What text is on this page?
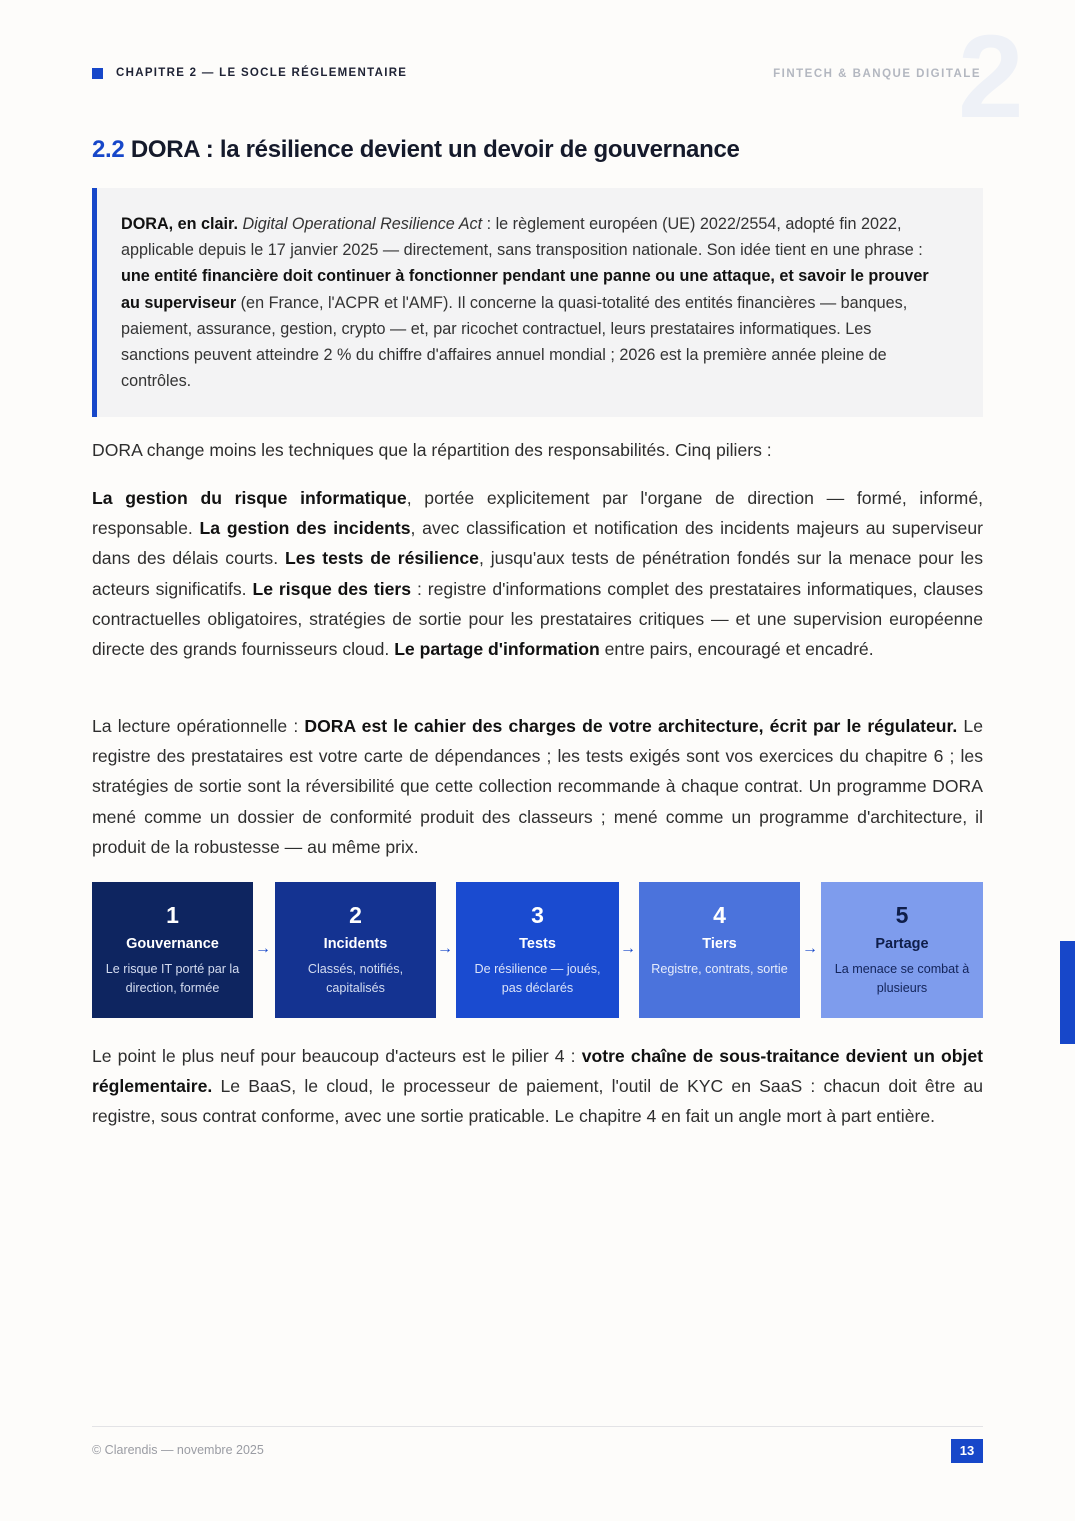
CHAPITRE 2 — LE SOCLE RÉGLEMENTAIRE	2
FINTECH & BANQUE DIGITALE
2.2 DORA : la résilience devient un devoir de gouvernance
DORA, en clair. Digital Operational Resilience Act : le règlement européen (UE) 2022/2554, adopté fin 2022, applicable depuis le 17 janvier 2025 — directement, sans transposition nationale. Son idée tient en une phrase : une entité financière doit continuer à fonctionner pendant une panne ou une attaque, et savoir le prouver au superviseur (en France, l'ACPR et l'AMF). Il concerne la quasi-totalité des entités financières — banques, paiement, assurance, gestion, crypto — et, par ricochet contractuel, leurs prestataires informatiques. Les sanctions peuvent atteindre 2 % du chiffre d'affaires annuel mondial ; 2026 est la première année pleine de contrôles.

DORA change moins les techniques que la répartition des responsabilités. Cinq piliers :

La gestion du risque informatique, portée explicitement par l'organe de direction — formé, informé, responsable. La gestion des incidents, avec classification et notification des incidents majeurs au superviseur dans des délais courts. Les tests de résilience, jusqu'aux tests de pénétration fondés sur la menace pour les acteurs significatifs. Le risque des tiers : registre d'informations complet des prestataires informatiques, clauses contractuelles obligatoires, stratégies de sortie pour les prestataires critiques — et une supervision européenne directe des grands fournisseurs cloud. Le partage d'information entre pairs, encouragé et encadré.

La lecture opérationnelle : DORA est le cahier des charges de votre architecture, écrit par le régulateur. Le registre des prestataires est votre carte de dépendances ; les tests exigés sont vos exercices du chapitre 6 ; les stratégies de sortie sont la réversibilité que cette collection recommande à chaque contrat. Un programme DORA mené comme un dossier de conformité produit des classeurs ; mené comme un programme d'architecture, il produit de la robustesse — au même prix.

1
Gouvernance
Le risque IT porté par la direction, formée
→
2
Incidents
Classés, notifiés, capitalisés
→
3
Tests
De résilience — joués, pas déclarés
→
4
Tiers
Registre, contrats, sortie
→
5
Partage
La menace se combat à plusieurs

Le point le plus neuf pour beaucoup d'acteurs est le pilier 4 : votre chaîne de sous-traitance devient un objet réglementaire. Le BaaS, le cloud, le processeur de paiement, l'outil de KYC en SaaS : chacun doit être au registre, sous contrat conforme, avec une sortie praticable. Le chapitre 4 en fait un angle mort à part entière.

© Clarendis — novembre 2025	13
